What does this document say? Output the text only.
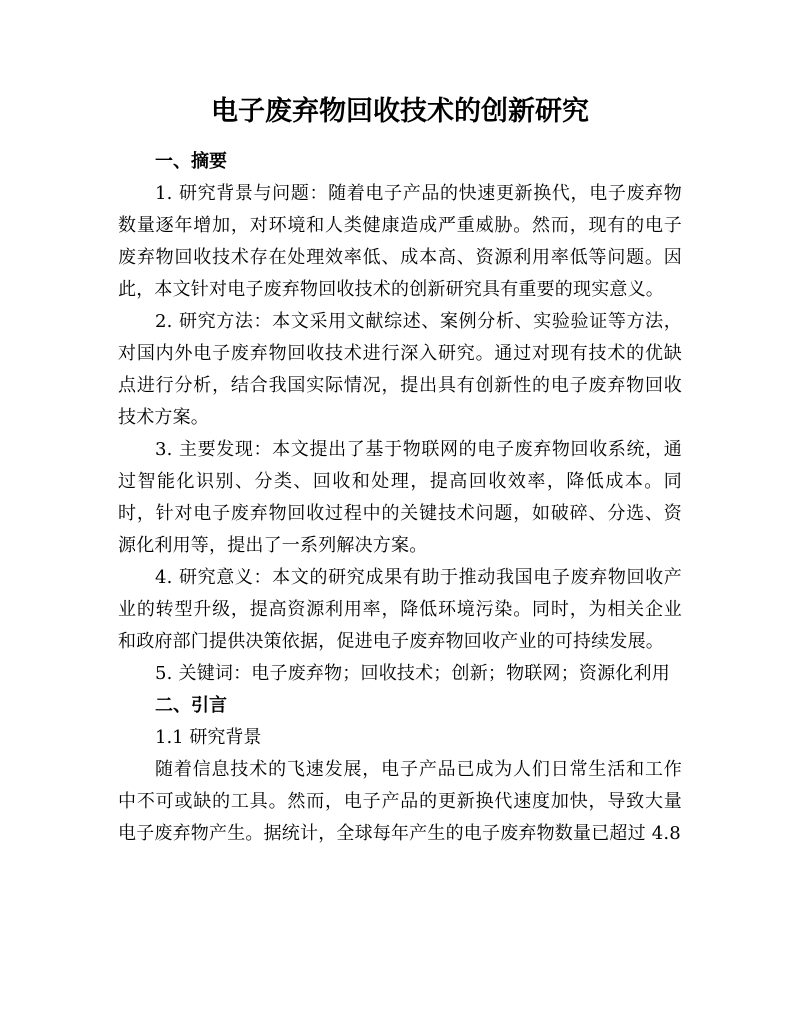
电子废弃物回收技术的创新研究

一、摘要

1. 研究背景与问题：随着电子产品的快速更新换代，电子废弃物数量逐年增加，对环境和人类健康造成严重威胁。然而，现有的电子废弃物回收技术存在处理效率低、成本高、资源利用率低等问题。因此，本文针对电子废弃物回收技术的创新研究具有重要的现实意义。

2. 研究方法：本文采用文献综述、案例分析、实验验证等方法，对国内外电子废弃物回收技术进行深入研究。通过对现有技术的优缺点进行分析，结合我国实际情况，提出具有创新性的电子废弃物回收技术方案。

3. 主要发现：本文提出了基于物联网的电子废弃物回收系统，通过智能化识别、分类、回收和处理，提高回收效率，降低成本。同时，针对电子废弃物回收过程中的关键技术问题，如破碎、分选、资源化利用等，提出了一系列解决方案。

4. 研究意义：本文的研究成果有助于推动我国电子废弃物回收产业的转型升级，提高资源利用率，降低环境污染。同时，为相关企业和政府部门提供决策依据，促进电子废弃物回收产业的可持续发展。

5. 关键词：电子废弃物；回收技术；创新；物联网；资源化利用

二、引言

1.1 研究背景

随着信息技术的飞速发展，电子产品已成为人们日常生活和工作中不可或缺的工具。然而，电子产品的更新换代速度加快，导致大量电子废弃物产生。据统计，全球每年产生的电子废弃物数量已超过 4.8
